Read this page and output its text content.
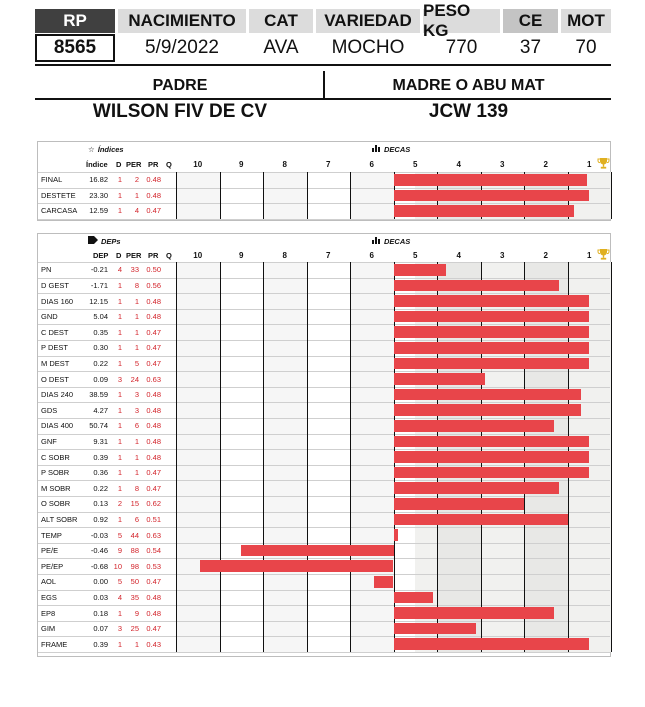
RP	NACIMIENTO	CAT	VARIEDAD
PESO KG
CE	MOT
8565	5/9/2022	AVA	MOCHO	770	37	70
PADRE	MADRE O ABU MAT
WILSON FIV DE CV	JCW 139
☆ Índices	DECAS
Índice D PER PR Q	10	9	8	7	6	5	4	3	2	1
FINAL	16.82	1	2 0.48
DESTETE	23.30	1	1 0.48
CARCASA	12.59	1	4 0.47
DEPs	DECAS
DEP D PER PR Q	10	9	8	7	6	5	4	3	2	1
PN	-0.21	4	33 0.50
D GEST	-1.71	1	8 0.56
DIAS 160	12.15	1	1 0.48
GND	5.04	1	1 0.48
C DEST	0.35	1	1 0.47
P DEST	0.30	1	1 0.47
M DEST	0.22	1	5 0.47
O DEST	0.09	3	24 0.63
DIAS 240	38.59	1	3 0.48
GDS	4.27	1	3 0.48
DIAS 400	50.74	1	6 0.48
GNF	9.31	1	1 0.48
C SOBR	0.39	1	1 0.48
P SOBR	0.36	1	1 0.47
M SOBR	0.22	1	8 0.47
O SOBR	0.13	2	15 0.62
ALT SOBR	0.92	1	6 0.51
TEMP	-0.03	5	44 0.63
PE/E	-0.46	9	88 0.54
PE/EP	-0.68 10	98 0.53
AOL	0.00	5	50 0.47
EGS	0.03	4	35 0.48
EP8	0.18	1	9 0.48
GIM	0.07	3	25 0.47
FRAME	0.39	1	1 0.43
